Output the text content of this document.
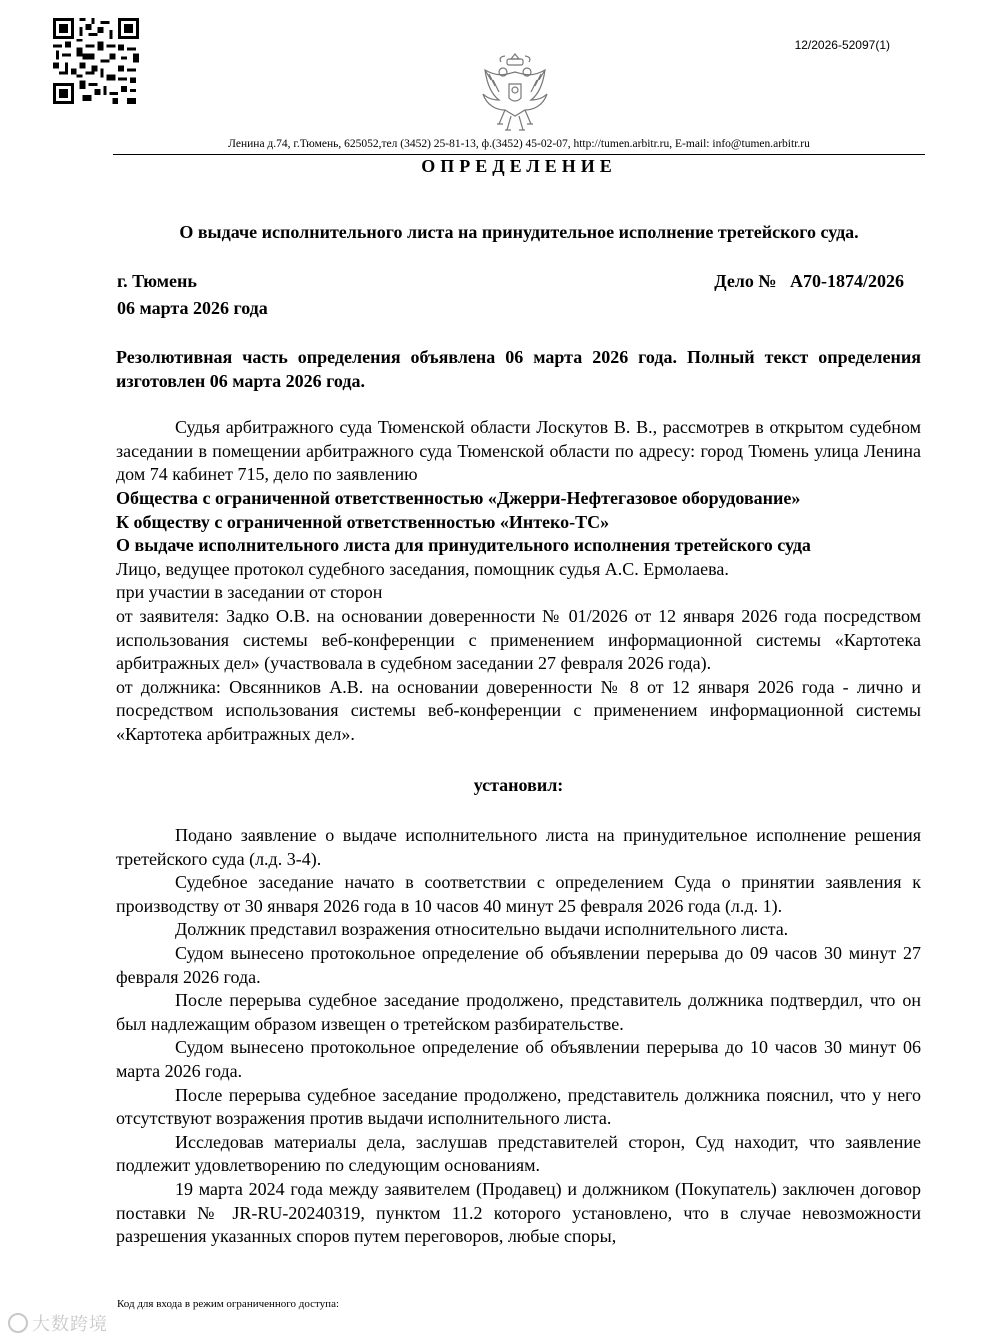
12/2026-52097(1)
Ленина д.74, г.Тюмень, 625052,тел (3452) 25-81-13, ф.(3452) 45-02-07, http://tumen.arbitr.ru, E-mail: info@tumen.arbitr.ru
ОПРЕДЕЛЕНИЕ
О выдаче исполнительного листа на принудительное исполнение третейского суда.
г. Тюмень
06 марта 2026 года
Дело № А70-1874/2026

Резолютивная часть определения объявлена 06 марта 2026 года. Полный текст определения изготовлен 06 марта 2026 года.

Судья арбитражного суда Тюменской области Лоскутов В. В., рассмотрев в открытом судебном заседании в помещении арбитражного суда Тюменской области по адресу: город Тюмень улица Ленина дом 74 кабинет 715, дело по заявлению

Общества с ограниченной ответственностью «Джерри-Нефтегазовое оборудование»

К обществу с ограниченной ответственностью «Интеко-ТС»

О выдаче исполнительного листа для принудительного исполнения третейского суда

Лицо, ведущее протокол судебного заседания, помощник судья А.С. Ермолаева.

при участии в заседании от сторон

от заявителя: Задко О.В. на основании доверенности № 01/2026 от 12 января 2026 года посредством использования системы веб-конференции с применением информационной системы «Картотека арбитражных дел» (участвовала в судебном заседании 27 февраля 2026 года).

от должника: Овсянников А.В. на основании доверенности № 8 от 12 января 2026 года - лично и посредством использования системы веб-конференции с применением информационной системы «Картотека арбитражных дел».

установил:

Подано заявление о выдаче исполнительного листа на принудительное исполнение решения третейского суда (л.д. 3-4).

Судебное заседание начато в соответствии с определением Суда о принятии заявления к производству от 30 января 2026 года в 10 часов 40 минут 25 февраля 2026 года (л.д. 1).

Должник представил возражения относительно выдачи исполнительного листа.

Судом вынесено протокольное определение об объявлении перерыва до 09 часов 30 минут 27 февраля 2026 года.

После перерыва судебное заседание продолжено, представитель должника подтвердил, что он был надлежащим образом извещен о третейском разбирательстве.

Судом вынесено протокольное определение об объявлении перерыва до 10 часов 30 минут 06 марта 2026 года.

После перерыва судебное заседание продолжено, представитель должника пояснил, что у него отсутствуют возражения против выдачи исполнительного листа.

Исследовав материалы дела, заслушав представителей сторон, Суд находит, что заявление подлежит удовлетворению по следующим основаниям.

19 марта 2024 года между заявителем (Продавец) и должником (Покупатель) заключен договор поставки № JR-RU-20240319, пунктом 11.2 которого установлено, что в случае невозможности разрешения указанных споров путем переговоров, любые споры,

Код для входа в режим ограниченного доступа:
大数跨境
